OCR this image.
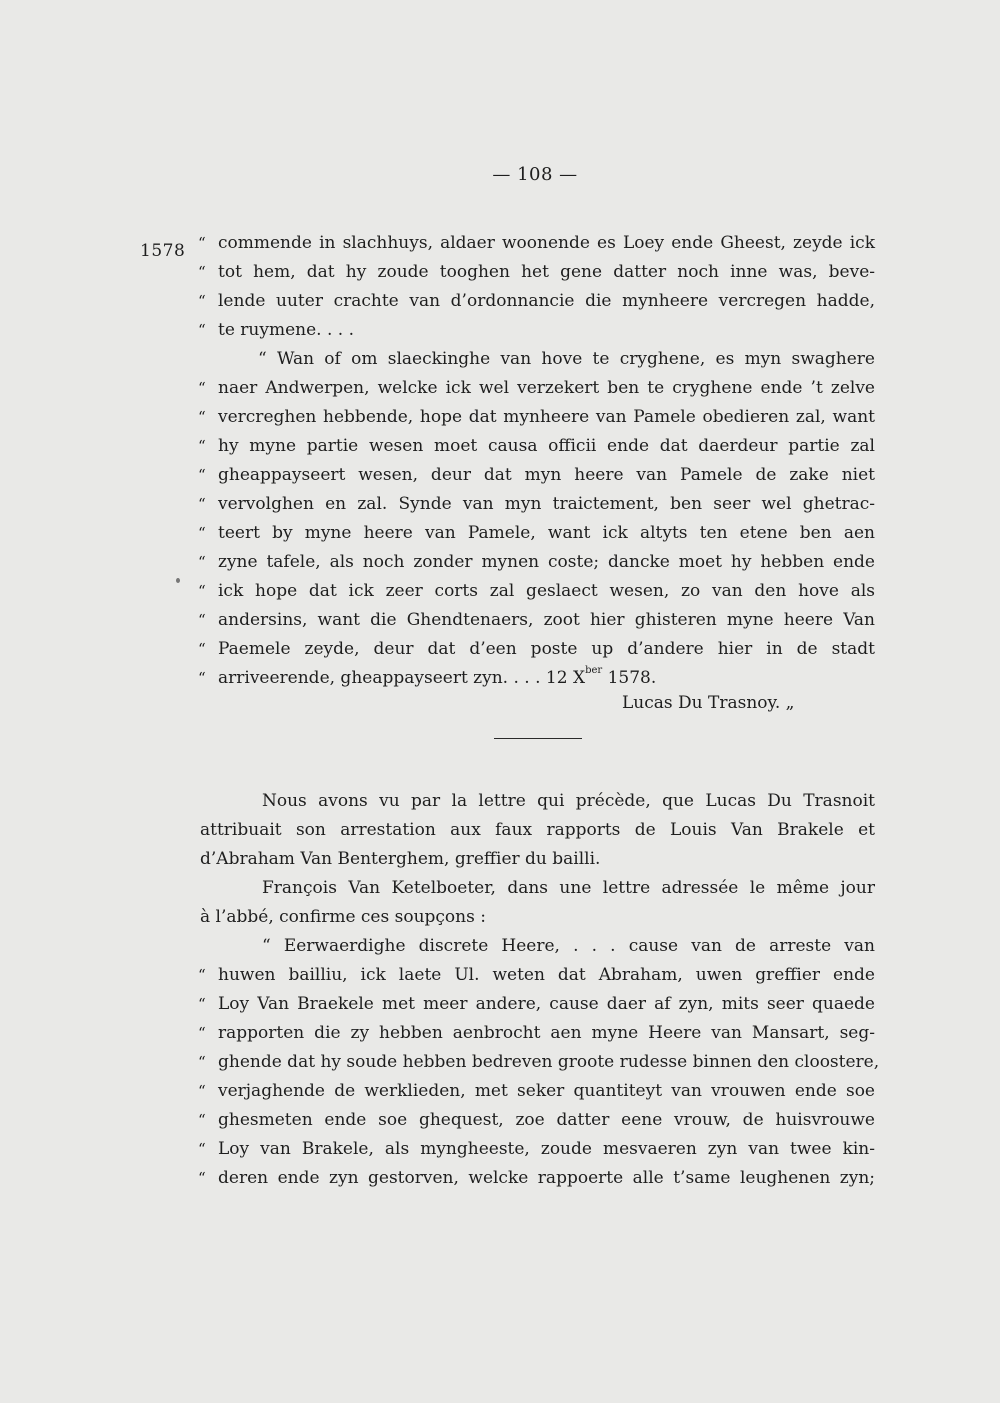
— 108 —
1578 “ commende in slachhuys, aldaer woonende es Loey ende Gheest, zeyde ick
“ tot hem, dat hy zoude tooghen het gene datter noch inne was, beve-
“ lende uuter crachte van d’ordonnancie die mynheere vercregen hadde,
“ te ruymene. . . .
“ Wan of om slaeckinghe van hove te cryghene, es myn swaghere
“ naer Andwerpen, welcke ick wel verzekert ben te cryghene ende ’t zelve
“ vercreghen hebbende, hope dat mynheere van Pamele obedieren zal, want
“ hy myne partie wesen moet causa officii ende dat daerdeur partie zal
“ gheappayseert wesen, deur dat myn heere van Pamele de zake niet
“ vervolghen en zal. Synde van myn traictement, ben seer wel ghetrac-
“ teert by myne heere van Pamele, want ick altyts ten etene ben aen
“ zyne tafele, als noch zonder mynen coste; dancke moet hy hebben ende
“ ick hope dat ick zeer corts zal geslaect wesen, zo van den hove als
“ andersins, want die Ghendtenaers, zoot hier ghisteren myne heere Van
“ Paemele zeyde, deur dat d’een poste up d’andere hier in de stadt
“ arriveerende, gheappayseert zyn. . . . 12 $X^{ber}$ 1578.
Lucas Du Trasnoy. „
Nous avons vu par la lettre qui précède, que Lucas Du Trasnoit
attribuait son arrestation aux faux rapports de Louis Van Brakele et
d’Abraham Van Benterghem, greffier du bailli.
François Van Ketelboeter, dans une lettre adressée le même jour
à l’abbé, confirme ces soupçons :
“ Eerwaerdighe discrete Heere, . . . cause van de arreste van
“ huwen bailliu, ick laete Ul. weten dat Abraham, uwen greffier ende
“ Loy Van Braekele met meer andere, cause daer af zyn, mits seer quaede
“ rapporten die zy hebben aenbrocht aen myne Heere van Mansart, seg-
“ ghende dat hy soude hebben bedreven groote rudesse binnen den cloostere,
“ verjaghende de werklieden, met seker quantiteyt van vrouwen ende soe
“ ghesmeten ende soe ghequest, zoe datter eene vrouw, de huisvrouwe
“ Loy van Brakele, als myngheeste, zoude mesvaeren zyn van twee kin-
“ deren ende zyn gestorven, welcke rappoerte alle t’same leughenen zyn;
